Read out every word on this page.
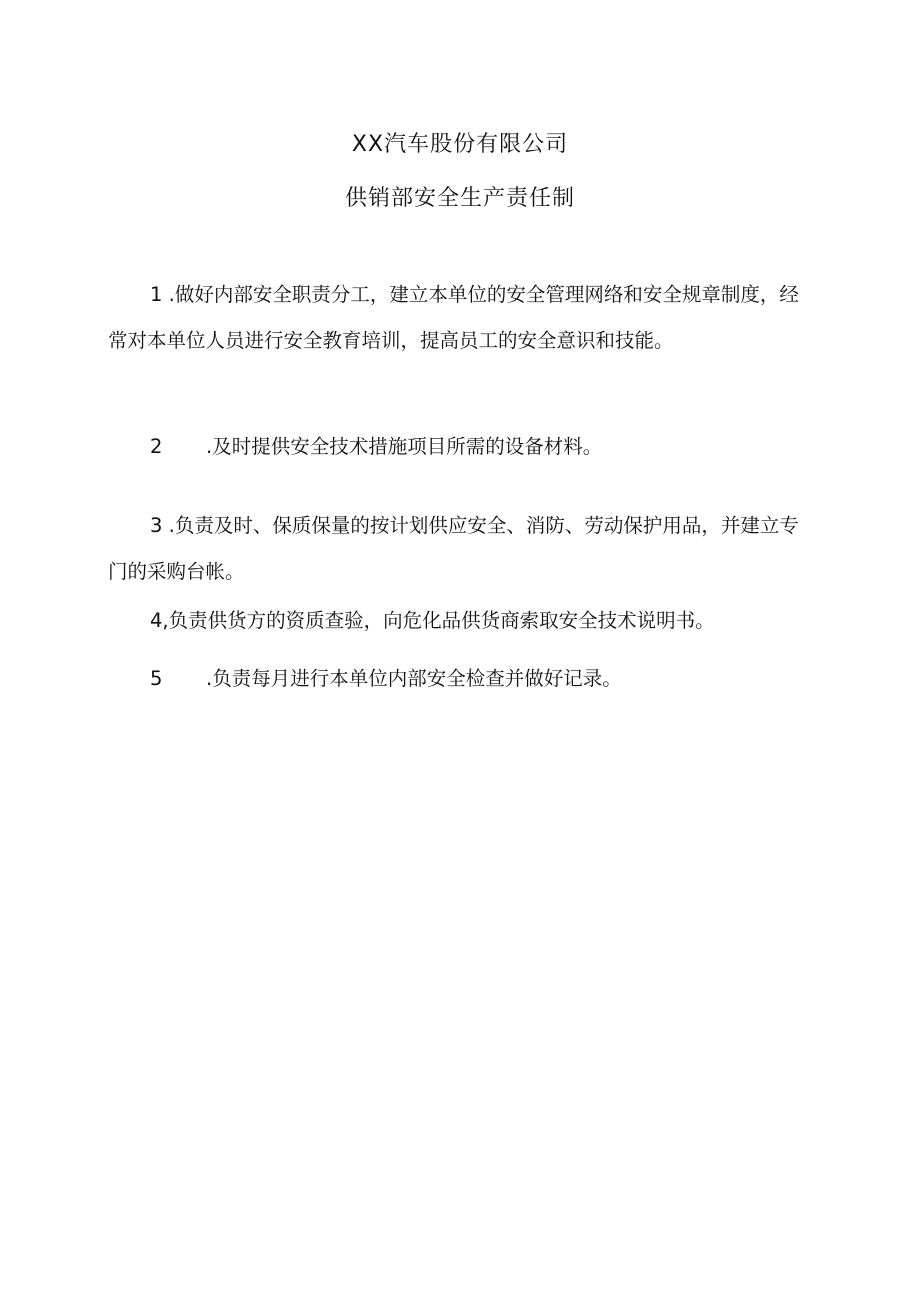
XX汽车股份有限公司
供销部安全生产责任制

1 .做好内部安全职责分工，建立本单位的安全管理网络和安全规章制度，经常对本单位人员进行安全教育培训，提高员工的安全意识和技能。

2 .及时提供安全技术措施项目所需的设备材料。

3 .负责及时、保质保量的按计划供应安全、消防、劳动保护用品，并建立专门的采购台帐。

4,负责供货方的资质查验，向危化品供货商索取安全技术说明书。

5 .负责每月进行本单位内部安全检查并做好记录。
